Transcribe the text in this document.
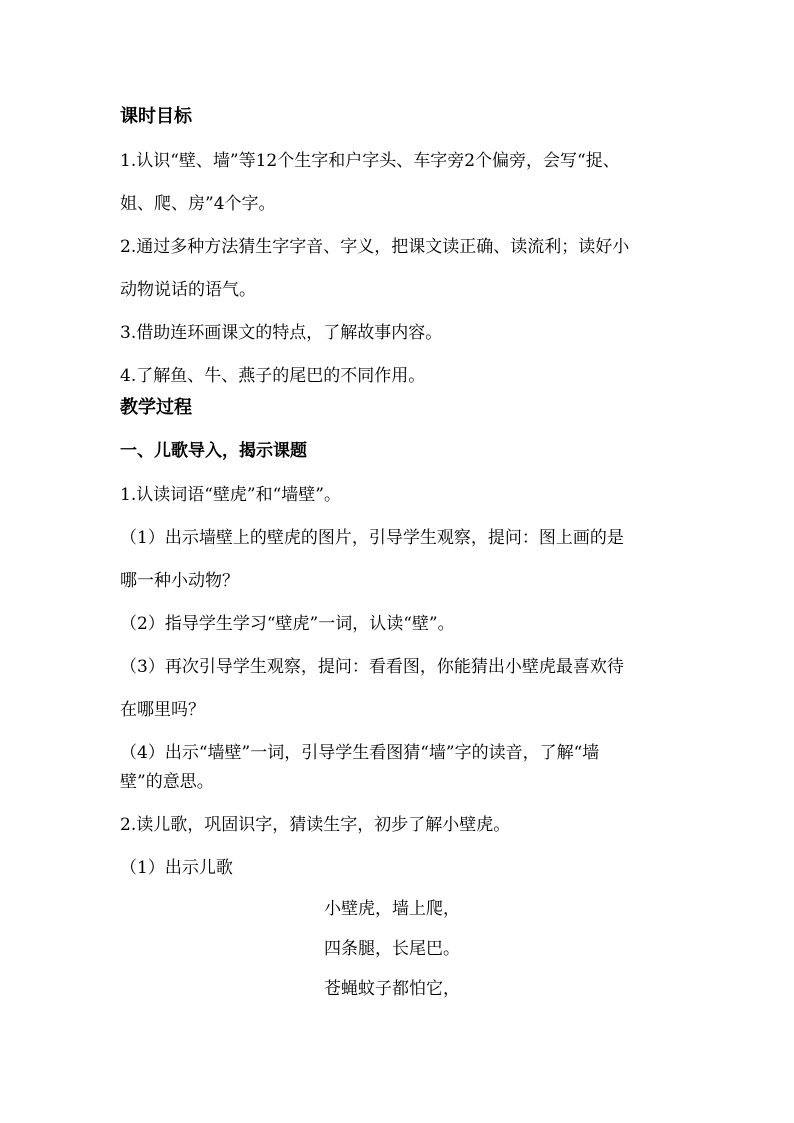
课时目标
1.认识“壁、墙”等12个生字和户字头、车字旁2个偏旁，会写“捉、
姐、爬、房”4个字。
2.通过多种方法猜生字字音、字义，把课文读正确、读流利；读好小
动物说话的语气。
3.借助连环画课文的特点，了解故事内容。
4.了解鱼、牛、燕子的尾巴的不同作用。
教学过程
一、儿歌导入，揭示课题
1.认读词语“壁虎”和“墙壁”。
（1）出示墙壁上的壁虎的图片，引导学生观察，提问：图上画的是
哪一种小动物？
（2）指导学生学习“壁虎”一词，认读“壁”。
（3）再次引导学生观察，提问：看看图，你能猜出小壁虎最喜欢待
在哪里吗？
（4）出示“墙壁”一词，引导学生看图猜“墙”字的读音，了解“墙
壁”的意思。
2.读儿歌，巩固识字，猜读生字，初步了解小壁虎。
（1）出示儿歌
小壁虎，墙上爬，
四条腿，长尾巴。
苍蝇蚊子都怕它，
